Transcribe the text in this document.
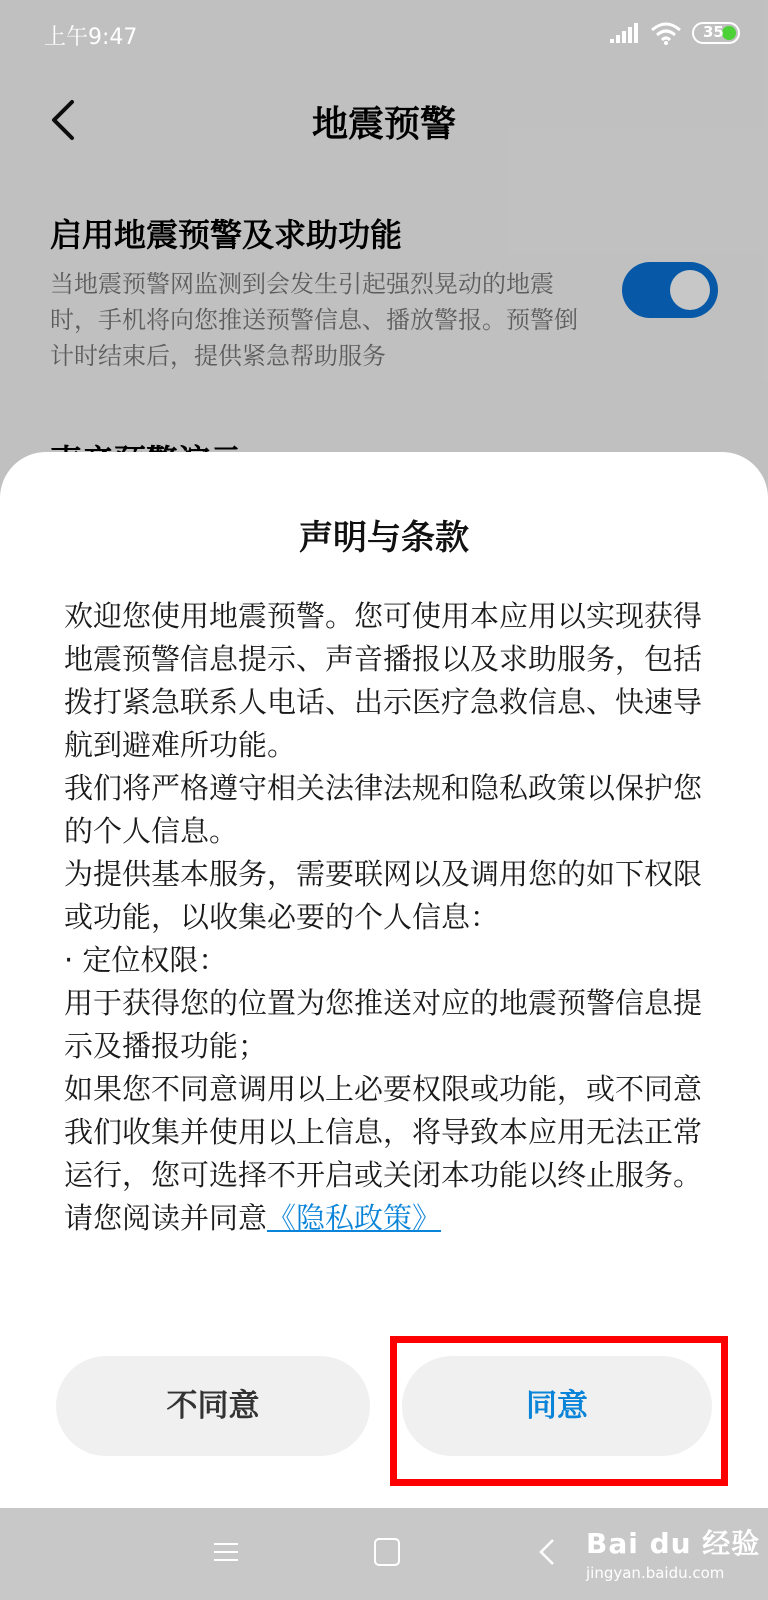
地震预警
启用地震预警及求助功能
当地震预警网监测到会发生引起强烈晃动的地震时，手机将向您推送预警信息、播放警报。预警倒计时结束后，提供紧急帮助服务
上午9:47	35
声明与条款

欢迎您使用地震预警。您可使用本应用以实现获得地震预警信息提示、声音播报以及求助服务，包括拨打紧急联系人电话、出示医疗急救信息、快速导航到避难所功能。

我们将严格遵守相关法律法规和隐私政策以保护您的个人信息。

为提供基本服务，需要联网以及调用您的如下权限或功能，以收集必要的个人信息：

· 定位权限：

用于获得您的位置为您推送对应的地震预警信息提示及播报功能；

如果您不同意调用以上必要权限或功能，或不同意我们收集并使用以上信息，将导致本应用无法正常运行，您可选择不开启或关闭本功能以终止服务。

请您阅读并同意《隐私政策》

不同意	同意
Bai du 经验
jingyan.baidu.com
